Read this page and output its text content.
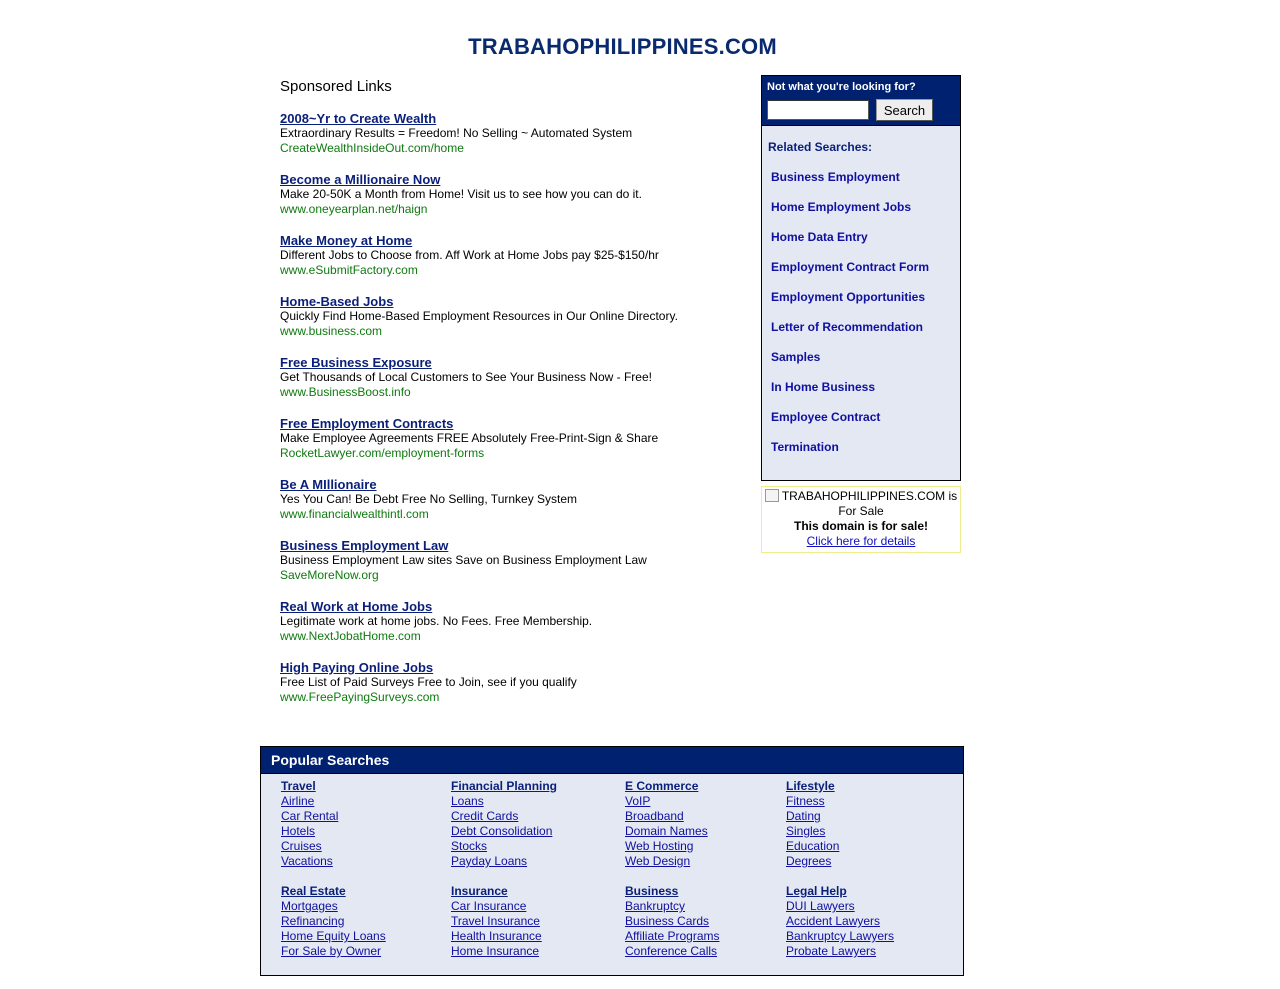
TRABAHOPHILIPPINES.COM
Sponsored Links
2008~Yr to Create Wealth
Extraordinary Results = Freedom! No Selling ~ Automated System
CreateWealthInsideOut.com/home
Become a Millionaire Now
Make 20-50K a Month from Home! Visit us to see how you can do it.
www.oneyearplan.net/haign
Make Money at Home
Different Jobs to Choose from. Aff Work at Home Jobs pay $25-$150/hr
www.eSubmitFactory.com
Home-Based Jobs
Quickly Find Home-Based Employment Resources in Our Online Directory.
www.business.com
Free Business Exposure
Get Thousands of Local Customers to See Your Business Now - Free!
www.BusinessBoost.info
Free Employment Contracts
Make Employee Agreements FREE Absolutely Free-Print-Sign & Share
RocketLawyer.com/employment-forms
Be A MIllionaire
Yes You Can! Be Debt Free No Selling, Turnkey System
www.financialwealthintl.com
Business Employment Law
Business Employment Law sites Save on Business Employment Law
SaveMoreNow.org
Real Work at Home Jobs
Legitimate work at home jobs. No Fees. Free Membership.
www.NextJobatHome.com
High Paying Online Jobs
Free List of Paid Surveys Free to Join, see if you qualify
www.FreePayingSurveys.com
Not what you're looking for?
Search
Related Searches:
Business Employment
Home Employment Jobs
Home Data Entry
Employment Contract Form
Employment Opportunities
Letter of Recommendation
Samples
In Home Business
Employee Contract
Termination
TRABAHOPHILIPPINES.COM is For Sale
This domain is for sale!
Click here for details
Popular Searches
Travel
Airline
Car Rental
Hotels
Cruises
Vacations
Real Estate
Mortgages
Refinancing
Home Equity Loans
For Sale by Owner
Financial Planning
Loans
Credit Cards
Debt Consolidation
Stocks
Payday Loans
Insurance
Car Insurance
Travel Insurance
Health Insurance
Home Insurance
E Commerce
VoIP
Broadband
Domain Names
Web Hosting
Web Design
Business
Bankruptcy
Business Cards
Affiliate Programs
Conference Calls
Lifestyle
Fitness
Dating
Singles
Education
Degrees
Legal Help
DUI Lawyers
Accident Lawyers
Bankruptcy Lawyers
Probate Lawyers
